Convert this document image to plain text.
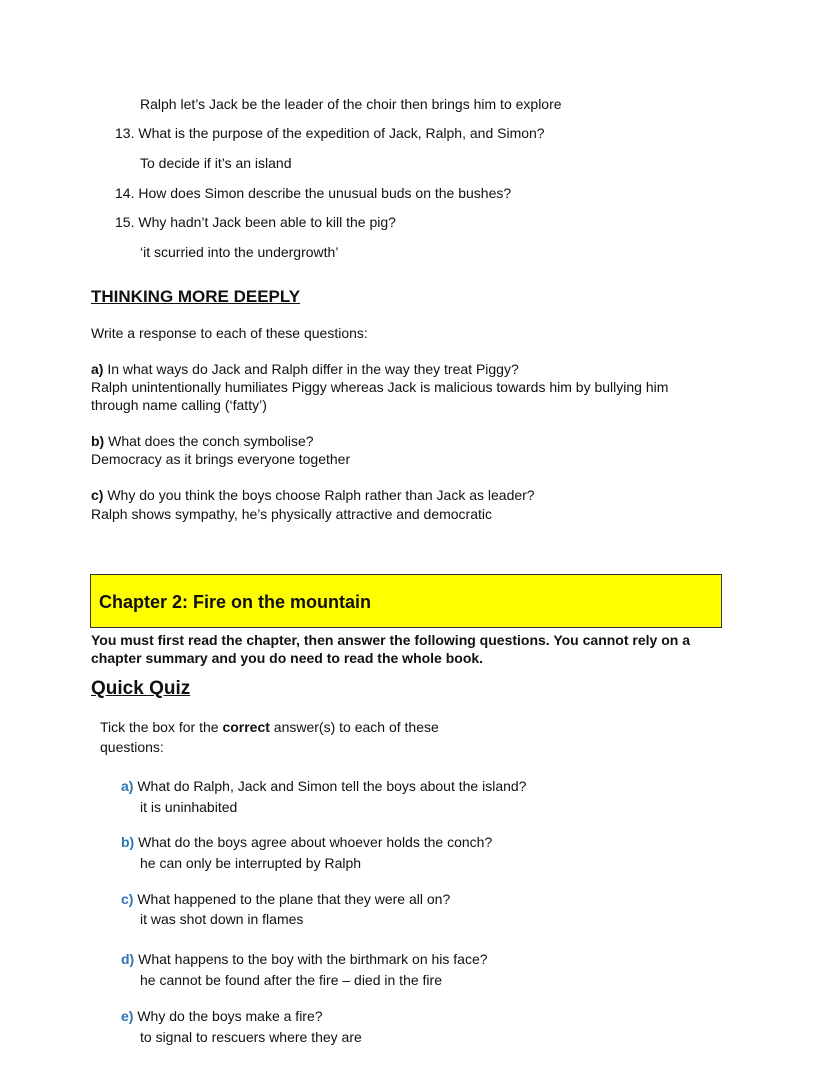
Ralph let’s Jack be the leader of the choir then brings him to explore
13. What is the purpose of the expedition of Jack, Ralph, and Simon?
To decide if it’s an island
14. How does Simon describe the unusual buds on the bushes?
15. Why hadn’t Jack been able to kill the pig?
‘it scurried into the undergrowth’
THINKING MORE DEEPLY
Write a response to each of these questions:
a) In what ways do Jack and Ralph differ in the way they treat Piggy?
Ralph unintentionally humiliates Piggy whereas Jack is malicious towards him by bullying him
through name calling (‘fatty’)
b) What does the conch symbolise?
Democracy as it brings everyone together
c) Why do you think the boys choose Ralph rather than Jack as leader?
Ralph shows sympathy, he’s physically attractive and democratic
Chapter 2: Fire on the mountain
You must first read the chapter, then answer the following questions. You cannot rely on a
chapter summary and you do need to read the whole book.
Quick Quiz
Tick the box for the correct answer(s) to each of these
questions:
a) What do Ralph, Jack and Simon tell the boys about the island?
it is uninhabited
b) What do the boys agree about whoever holds the conch?
he can only be interrupted by Ralph
c) What happened to the plane that they were all on?
it was shot down in flames
d) What happens to the boy with the birthmark on his face?
he cannot be found after the fire – died in the fire
e) Why do the boys make a fire?
to signal to rescuers where they are
